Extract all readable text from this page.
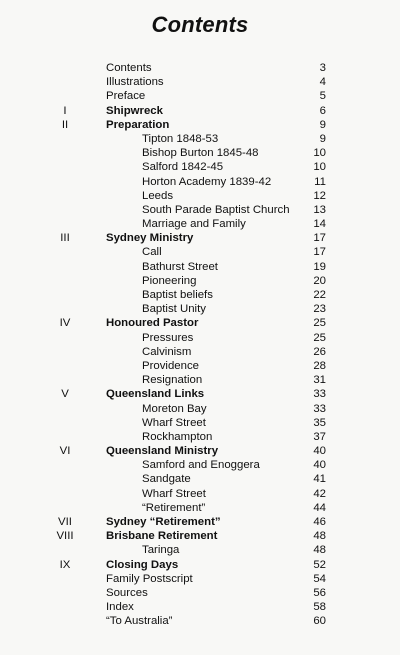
Contents
Contents	3
Illustrations	4
Preface	5
I	Shipwreck	6
II	Preparation	9
Tipton 1848-53	9
Bishop Burton 1845-48	10
Salford 1842-45	10
Horton Academy 1839-42	11
Leeds	12
South Parade Baptist Church	13
Marriage and Family	14
III	Sydney Ministry	17
Call	17
Bathurst Street	19
Pioneering	20
Baptist beliefs	22
Baptist Unity	23
IV	Honoured Pastor	25
Pressures	25
Calvinism	26
Providence	28
Resignation	31
V	Queensland Links	33
Moreton Bay	33
Wharf Street	35
Rockhampton	37
VI	Queensland Ministry	40
Samford and Enoggera	40
Sandgate	41
Wharf Street	42
“Retirement”	44
VII	Sydney “Retirement”	46
VIII	Brisbane Retirement	48
Taringa	48
IX	Closing Days	52
Family Postscript	54
Sources	56
Index	58
“To Australia”	60
